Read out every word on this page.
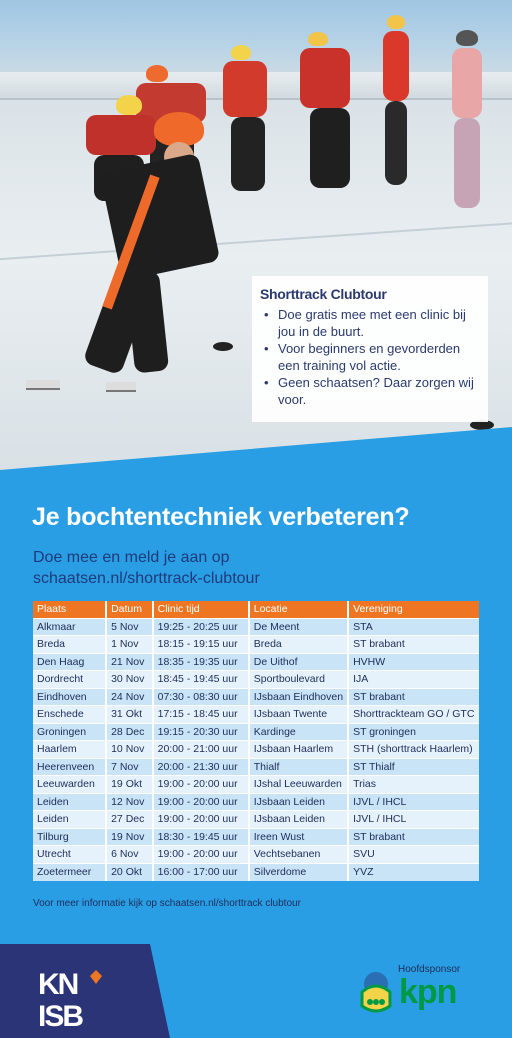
Shorttrack Clubtour
• Doe gratis mee met een clinic bij jou in de buurt.
• Voor beginners en gevorderden een training vol actie.
• Geen schaatsen? Daar zorgen wij voor.
Je bochtentechniek verbeteren?
Doe mee en meld je aan op
schaatsen.nl/shorttrack-clubtour
Plaats	Datum	Clinic tijd	Locatie	Vereniging
Alkmaar	5 Nov	19:25 - 20:25 uur	De Meent	STA
Breda	1 Nov	18:15 - 19:15 uur	Breda	ST brabant
Den Haag	21 Nov	18:35 - 19:35 uur	De Uithof	HVHW
Dordrecht	30 Nov	18:45 - 19:45 uur	Sportboulevard	IJA
Eindhoven	24 Nov	07:30 - 08:30 uur	IJsbaan Eindhoven	ST brabant
Enschede	31 Okt	17:15 - 18:45 uur	IJsbaan Twente	Shorttrackteam GO / GTC
Groningen	28 Dec	19:15 - 20:30 uur	Kardinge	ST groningen
Haarlem	10 Nov	20:00 - 21:00 uur	IJsbaan Haarlem	STH (shorttrack Haarlem)
Heerenveen	7 Nov	20:00 - 21:30 uur	Thialf	ST Thialf
Leeuwarden	19 Okt	19:00 - 20:00 uur	IJshal Leeuwarden	Trias
Leiden	12 Nov	19:00 - 20:00 uur	IJsbaan Leiden	IJVL / IHCL
Leiden	27 Dec	19:00 - 20:00 uur	IJsbaan Leiden	IJVL / IHCL
Tilburg	19 Nov	18:30 - 19:45 uur	Ireen Wust	ST brabant
Utrecht	6 Nov	19:00 - 20:00 uur	Vechtsebanen	SVU
Zoetermeer	20 Okt	16:00 - 17:00 uur	Silverdome	YVZ
Voor meer informatie kijk op schaatsen.nl/shorttrack clubtour
KN
ISB
Hoofdsponsor
kpn
